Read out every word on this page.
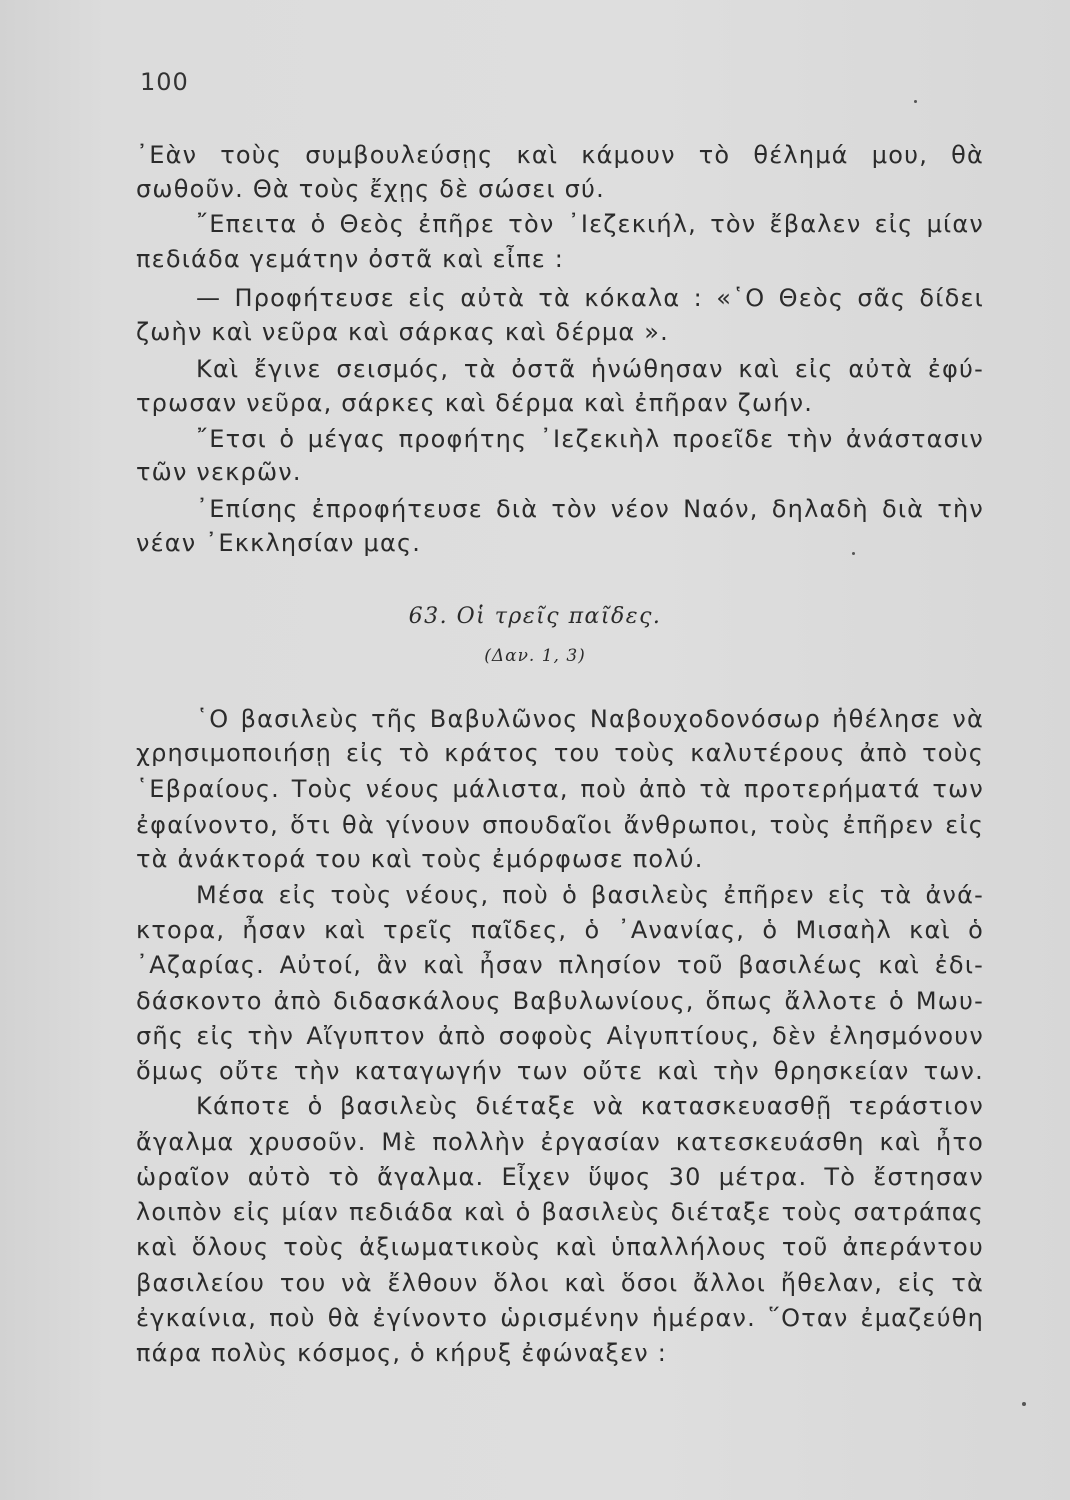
100
᾿Εὰν τοὺς συμβουλεύσῃς καὶ κάμουν τὸ θέλημά μου, θὰ
σωθοῦν. Θὰ τοὺς ἔχῃς δὲ σώσει σύ.
῎Επειτα ὁ Θεὸς ἐπῆρε τὸν ᾿Ιεζεκιήλ, τὸν ἔβαλεν εἰς μίαν
πεδιάδα γεμάτην ὀστᾶ καὶ εἶπε :
— Προφήτευσε εἰς αὐτὰ τὰ κόκαλα : «῾Ο Θεὸς σᾶς δίδει
ζωὴν καὶ νεῦρα καὶ σάρκας καὶ δέρμα ».
Καὶ ἔγινε σεισμός, τὰ ὀστᾶ ἡνώθησαν καὶ εἰς αὐτὰ ἐφύ-
τρωσαν νεῦρα, σάρκες καὶ δέρμα καὶ ἐπῆραν ζωήν.
῎Ετσι ὁ μέγας προφήτης ᾿Ιεζεκιὴλ προεῖδε τὴν ἀνάστασιν
τῶν νεκρῶν.
᾿Επίσης ἐπροφήτευσε διὰ τὸν νέον Ναόν, δηλαδὴ διὰ τὴν
νέαν ᾿Εκκλησίαν μας.
63. Οἱ τρεῖς παῖδες.
(Δαν. 1, 3)
῾Ο βασιλεὺς τῆς Βαβυλῶνος Ναβουχοδονόσωρ ἠθέλησε νὰ
χρησιμοποιήσῃ εἰς τὸ κράτος του τοὺς καλυτέρους ἀπὸ τοὺς
῾Εβραίους. Τοὺς νέους μάλιστα, ποὺ ἀπὸ τὰ προτερήματά των
ἐφαίνοντο, ὅτι θὰ γίνουν σπουδαῖοι ἄνθρωποι, τοὺς ἐπῆρεν εἰς
τὰ ἀνάκτορά του καὶ τοὺς ἐμόρφωσε πολύ.
Μέσα εἰς τοὺς νέους, ποὺ ὁ βασιλεὺς ἐπῆρεν εἰς τὰ ἀνά-
κτορα, ἦσαν καὶ τρεῖς παῖδες, ὁ ᾿Ανανίας, ὁ Μισαὴλ καὶ ὁ
᾿Αζαρίας. Αὐτοί, ἂν καὶ ἦσαν πλησίον τοῦ βασιλέως καὶ ἐδι-
δάσκοντο ἀπὸ διδασκάλους Βαβυλωνίους, ὅπως ἄλλοτε ὁ Μωυ-
σῆς εἰς τὴν Αἴγυπτον ἀπὸ σοφοὺς Αἰγυπτίους, δὲν ἐλησμόνουν
ὅμως οὔτε τὴν καταγωγήν των οὔτε καὶ τὴν θρησκείαν των.
Κάποτε ὁ βασιλεὺς διέταξε νὰ κατασκευασθῇ τεράστιον
ἄγαλμα χρυσοῦν. Μὲ πολλὴν ἐργασίαν κατεσκευάσθη καὶ ἦτο
ὡραῖον αὐτὸ τὸ ἄγαλμα. Εἶχεν ὕψος 30 μέτρα. Τὸ ἔστησαν
λοιπὸν εἰς μίαν πεδιάδα καὶ ὁ βασιλεὺς διέταξε τοὺς σατράπας
καὶ ὅλους τοὺς ἀξιωματικοὺς καὶ ὑπαλλήλους τοῦ ἀπεράντου
βασιλείου του νὰ ἔλθουν ὅλοι καὶ ὅσοι ἄλλοι ἤθελαν, εἰς τὰ
ἐγκαίνια, ποὺ θὰ ἐγίνοντο ὡρισμένην ἡμέραν. ῞Οταν ἐμαζεύθη
πάρα πολὺς κόσμος, ὁ κήρυξ ἐφώναξεν :
